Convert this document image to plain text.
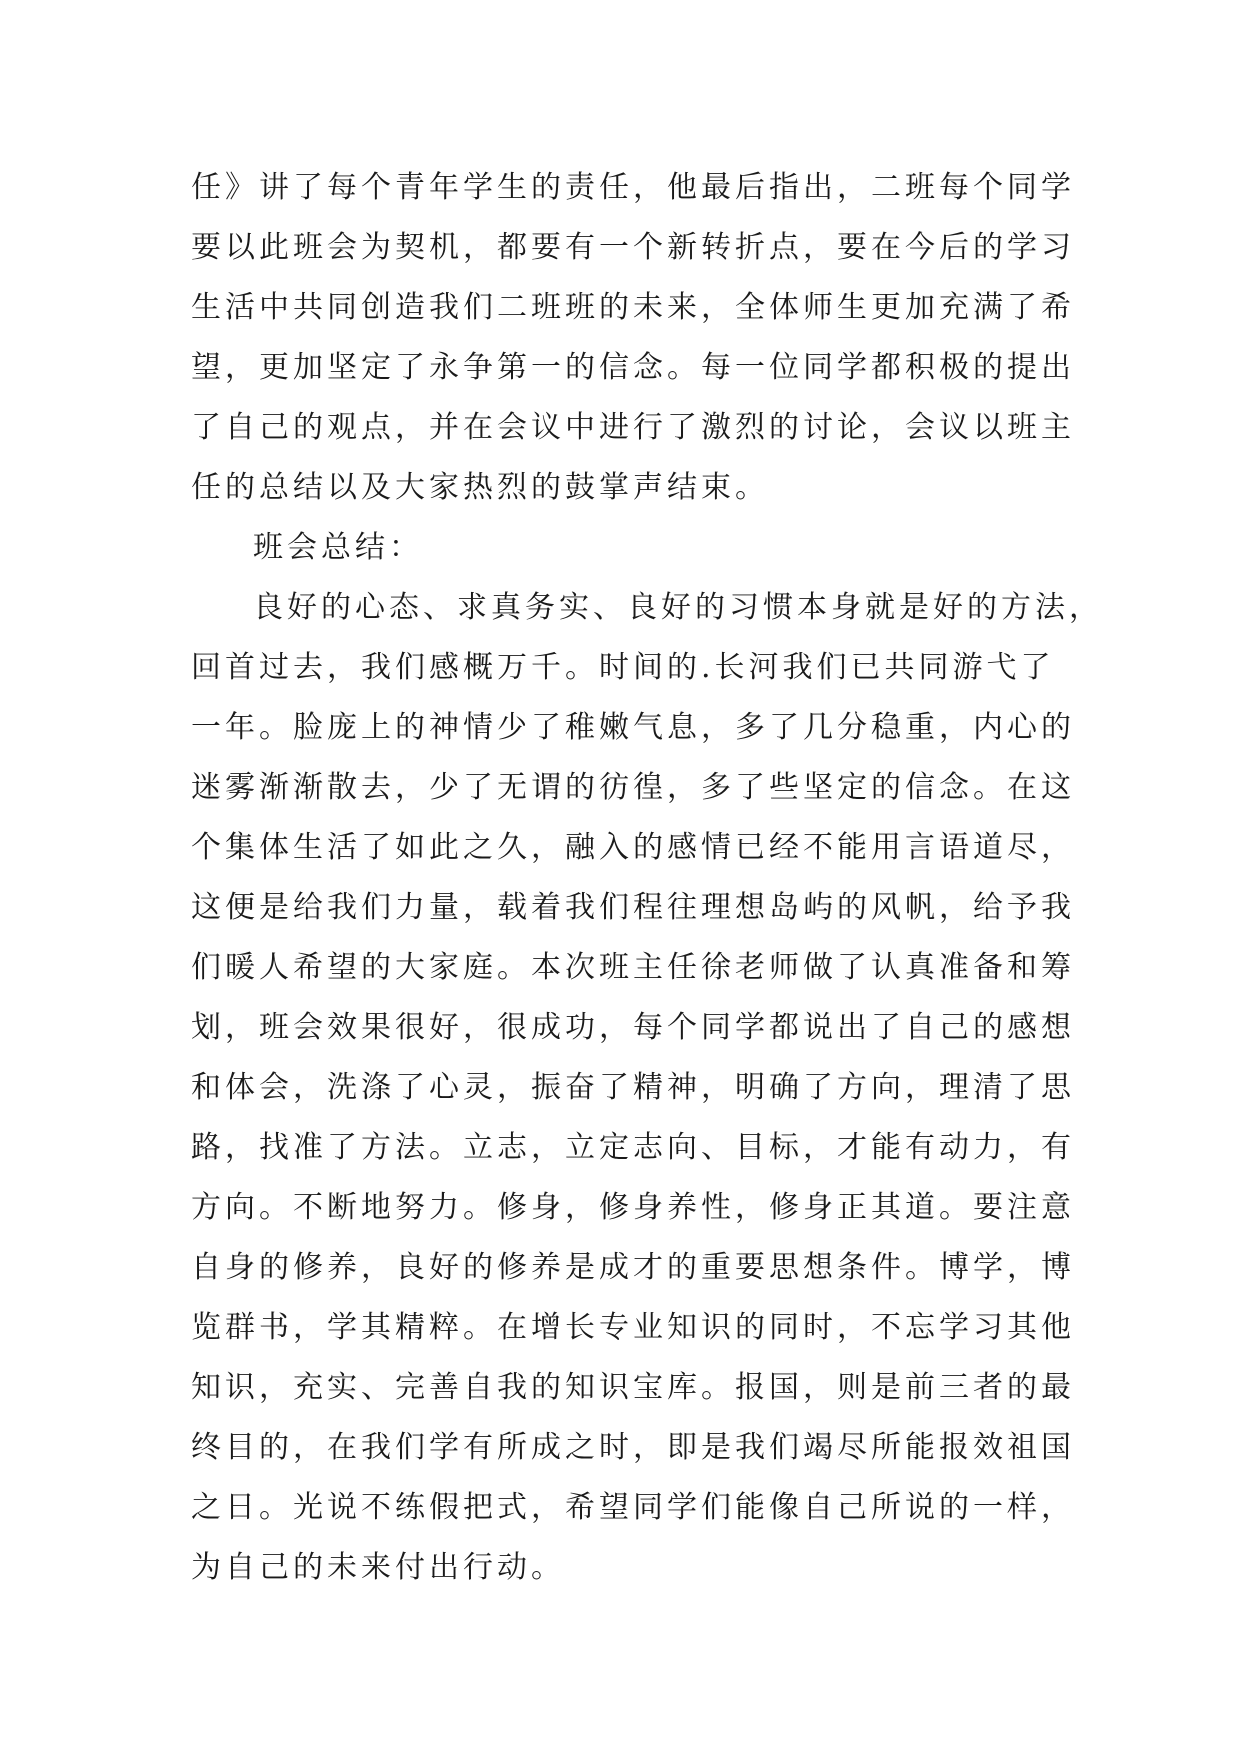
任》讲了每个青年学生的责任，他最后指出，二班每个同学
要以此班会为契机，都要有一个新转折点，要在今后的学习
生活中共同创造我们二班班的未来，全体师生更加充满了希
望，更加坚定了永争第一的信念。每一位同学都积极的提出
了自己的观点，并在会议中进行了激烈的讨论，会议以班主
任的总结以及大家热烈的鼓掌声结束。
班会总结：
良好的心态、求真务实、良好的习惯本身就是好的方法，
回首过去，我们感概万千。时间的.长河我们已共同游弋了
一年。脸庞上的神情少了稚嫩气息，多了几分稳重，内心的
迷雾渐渐散去，少了无谓的彷徨，多了些坚定的信念。在这
个集体生活了如此之久，融入的感情已经不能用言语道尽，
这便是给我们力量，载着我们程往理想岛屿的风帆，给予我
们暖人希望的大家庭。本次班主任徐老师做了认真准备和筹
划，班会效果很好，很成功，每个同学都说出了自己的感想
和体会，洗涤了心灵，振奋了精神，明确了方向，理清了思
路，找准了方法。立志，立定志向、目标，才能有动力，有
方向。不断地努力。修身，修身养性，修身正其道。要注意
自身的修养，良好的修养是成才的重要思想条件。博学，博
览群书，学其精粹。在增长专业知识的同时，不忘学习其他
知识，充实、完善自我的知识宝库。报国，则是前三者的最
终目的，在我们学有所成之时，即是我们竭尽所能报效祖国
之日。光说不练假把式，希望同学们能像自己所说的一样，
为自己的未来付出行动。
